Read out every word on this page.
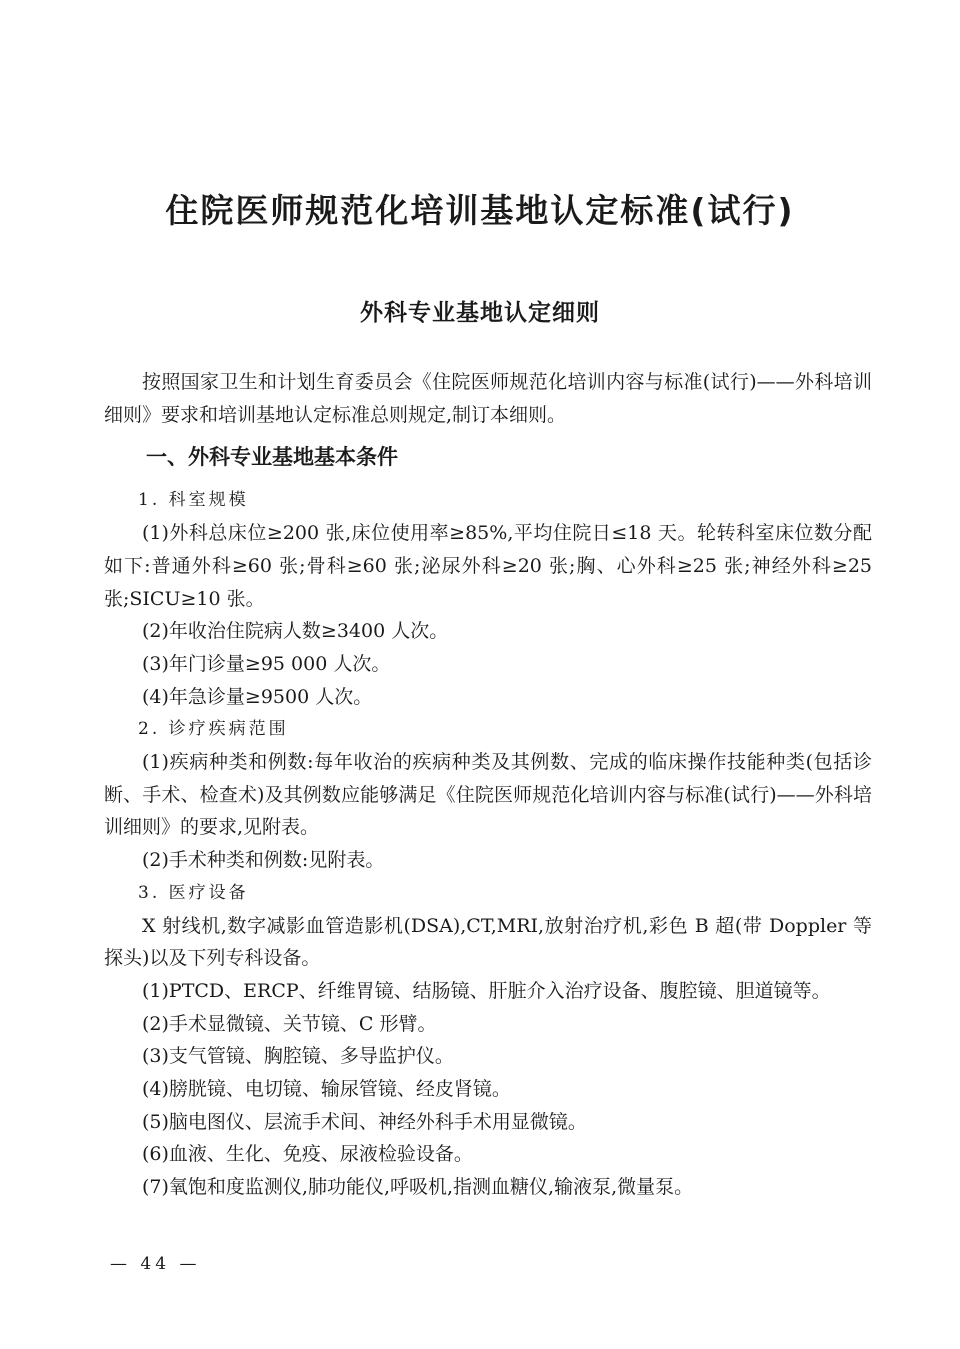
住院医师规范化培训基地认定标准(试行)
外科专业基地认定细则

按照国家卫生和计划生育委员会《住院医师规范化培训内容与标准(试行)——外科培训细则》要求和培训基地认定标准总则规定,制订本细则。

一、外科专业基地基本条件

1. 科室规模

(1)外科总床位≥200 张,床位使用率≥85%,平均住院日≤18 天。轮转科室床位数分配如下:普通外科≥60 张;骨科≥60 张;泌尿外科≥20 张;胸、心外科≥25 张;神经外科≥25 张;SICU≥10 张。

(2)年收治住院病人数≥3400 人次。

(3)年门诊量≥95 000 人次。

(4)年急诊量≥9500 人次。

2. 诊疗疾病范围

(1)疾病种类和例数:每年收治的疾病种类及其例数、完成的临床操作技能种类(包括诊断、手术、检查术)及其例数应能够满足《住院医师规范化培训内容与标准(试行)——外科培训细则》的要求,见附表。

(2)手术种类和例数:见附表。

3. 医疗设备

X 射线机,数字减影血管造影机(DSA),CT,MRI,放射治疗机,彩色 B 超(带 Doppler 等探头)以及下列专科设备。

(1)PTCD、ERCP、纤维胃镜、结肠镜、肝脏介入治疗设备、腹腔镜、胆道镜等。

(2)手术显微镜、关节镜、C 形臂。

(3)支气管镜、胸腔镜、多导监护仪。

(4)膀胱镜、电切镜、输尿管镜、经皮肾镜。

(5)脑电图仪、层流手术间、神经外科手术用显微镜。

(6)血液、生化、免疫、尿液检验设备。

(7)氧饱和度监测仪,肺功能仪,呼吸机,指测血糖仪,输液泵,微量泵。

— 44 —
